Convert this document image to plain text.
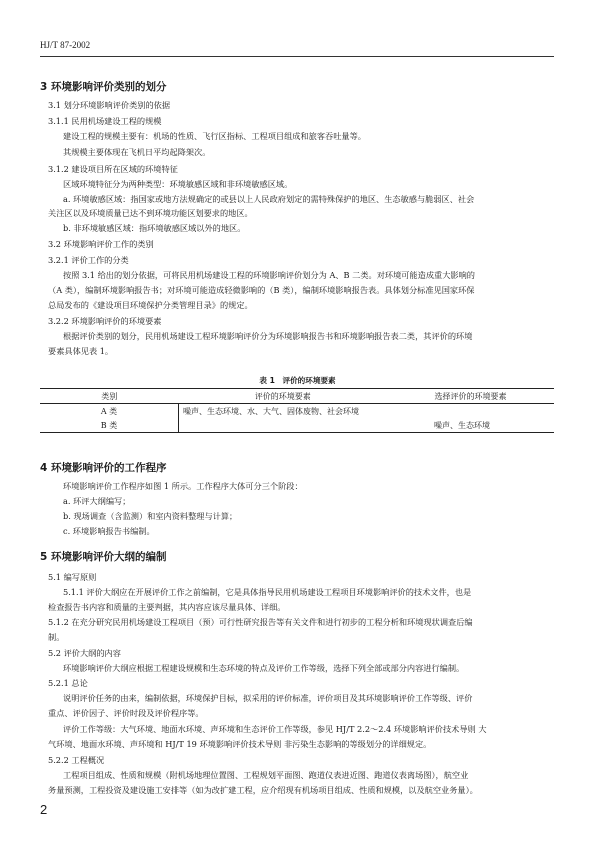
HJ/T 87-2002
3 环境影响评价类别的划分
3.1 划分环境影响评价类别的依据
3.1.1 民用机场建设工程的规模
建设工程的规模主要有：机场的性质、飞行区指标、工程项目组成和旅客吞吐量等。
其规模主要体现在飞机日平均起降架次。
3.1.2 建设项目所在区域的环境特征
区域环境特征分为两种类型：环境敏感区域和非环境敏感区域。
a. 环境敏感区域：指国家或地方法规确定的或县以上人民政府划定的需特殊保护的地区、生态敏感与脆弱区、社会
关注区以及环境质量已达不到环境功能区划要求的地区。
b. 非环境敏感区域：指环境敏感区域以外的地区。
3.2 环境影响评价工作的类别
3.2.1 评价工作的分类
按照 3.1 给出的划分依据，可将民用机场建设工程的环境影响评价划分为 A、B 二类。对环境可能造成重大影响的
（A 类），编制环境影响报告书；对环境可能造成轻微影响的（B 类），编制环境影响报告表。具体划分标准见国家环保
总局发布的《建设项目环境保护分类管理目录》的规定。
3.2.2 环境影响评价的环境要素
根据评价类别的划分，民用机场建设工程环境影响评价分为环境影响报告书和环境影响报告表二类，其评价的环境
要素具体见表 1。
表 1　评价的环境要素
类别	评价的环境要素	选择评价的环境要素
A 类	噪声、生态环境、水、大气、固体废物、社会环境	
B 类		噪声、生态环境
4 环境影响评价的工作程序
环境影响评价工作程序如图 1 所示。工作程序大体可分三个阶段：
a. 环评大纲编写；
b. 现场调查（含监测）和室内资料整理与计算；
c. 环境影响报告书编制。
5 环境影响评价大纲的编制
5.1 编写原则
5.1.1 评价大纲应在开展评价工作之前编制，它是具体指导民用机场建设工程项目环境影响评价的技术文件，也是
检查报告书内容和质量的主要判据，其内容应该尽量具体、详细。
5.1.2 在充分研究民用机场建设工程项目（预）可行性研究报告等有关文件和进行初步的工程分析和环境现状调查后编
制。
5.2 评价大纲的内容
环境影响评价大纲应根据工程建设规模和生态环境的特点及评价工作等级，选择下列全部或部分内容进行编制。
5.2.1 总论
说明评价任务的由来，编制依据，环境保护目标，拟采用的评价标准，评价项目及其环境影响评价工作等级、评价
重点、评价因子、评价时段及评价程序等。
评价工作等级：大气环境、地面水环境、声环境和生态评价工作等级，参见 HJ/T 2.2～2.4 环境影响评价技术导则 大
气环境、地面水环境、声环境和 HJ/T 19 环境影响评价技术导则 非污染生态影响的等级划分的详细规定。
5.2.2 工程概况
工程项目组成、性质和规模（附机场地理位置图、工程规划平面图、跑道仪表进近图、跑道仪表离场图），航空业
务量预测，工程投资及建设施工安排等（如为改扩建工程，应介绍现有机场项目组成、性质和规模，以及航空业务量）。
2
